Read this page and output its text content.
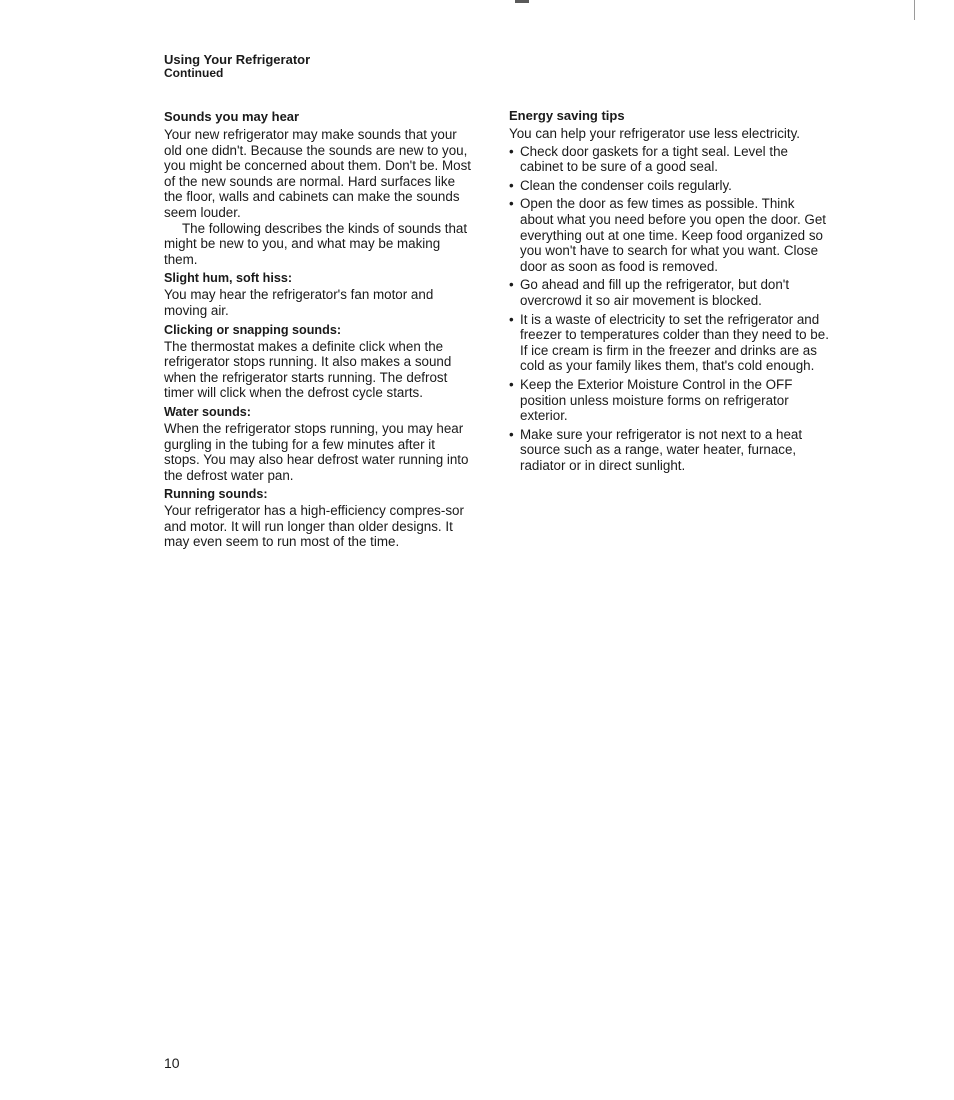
Using Your Refrigerator
Continued
Sounds you may hear

Your new refrigerator may make sounds that your old one didn't. Because the sounds are new to you, you might be concerned about them. Don't be. Most of the new sounds are normal. Hard surfaces like the floor, walls and cabinets can make the sounds seem louder.

The following describes the kinds of sounds that might be new to you, and what may be making them.

Slight hum, soft hiss:

You may hear the refrigerator's fan motor and moving air.

Clicking or snapping sounds:

The thermostat makes a definite click when the refrigerator stops running. It also makes a sound when the refrigerator starts running. The defrost timer will click when the defrost cycle starts.

Water sounds:

When the refrigerator stops running, you may hear gurgling in the tubing for a few minutes after it stops. You may also hear defrost water running into the defrost water pan.

Running sounds:

Your refrigerator has a high-efficiency compres-sor and motor. It will run longer than older designs. It may even seem to run most of the time.

Energy saving tips

You can help your refrigerator use less electricity.

• Check door gaskets for a tight seal. Level the cabinet to be sure of a good seal.
• Clean the condenser coils regularly.
• Open the door as few times as possible. Think about what you need before you open the door. Get everything out at one time. Keep food organized so you won't have to search for what you want. Close door as soon as food is removed.
• Go ahead and fill up the refrigerator, but don't overcrowd it so air movement is blocked.
• It is a waste of electricity to set the refrigerator and freezer to temperatures colder than they need to be. If ice cream is firm in the freezer and drinks are as cold as your family likes them, that's cold enough.
• Keep the Exterior Moisture Control in the OFF position unless moisture forms on refrigerator exterior.
• Make sure your refrigerator is not next to a heat source such as a range, water heater, furnace, radiator or in direct sunlight.
10
